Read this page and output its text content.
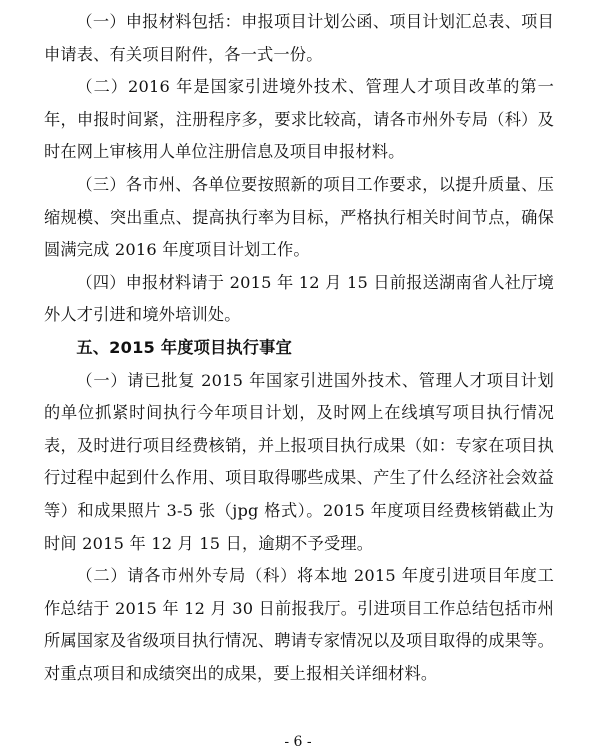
（一）申报材料包括：申报项目计划公函、项目计划汇总表、项目申请表、有关项目附件，各一式一份。

（二）2016 年是国家引进境外技术、管理人才项目改革的第一年，申报时间紧，注册程序多，要求比较高，请各市州外专局（科）及时在网上审核用人单位注册信息及项目申报材料。

（三）各市州、各单位要按照新的项目工作要求，以提升质量、压缩规模、突出重点、提高执行率为目标，严格执行相关时间节点，确保圆满完成 2016 年度项目计划工作。

（四）申报材料请于 2015 年 12 月 15 日前报送湖南省人社厅境外人才引进和境外培训处。

五、2015 年度项目执行事宜

（一）请已批复 2015 年国家引进国外技术、管理人才项目计划的单位抓紧时间执行今年项目计划，及时网上在线填写项目执行情况表，及时进行项目经费核销，并上报项目执行成果（如：专家在项目执行过程中起到什么作用、项目取得哪些成果、产生了什么经济社会效益等）和成果照片 3-5 张（jpg 格式）。2015 年度项目经费核销截止为时间 2015 年 12 月 15 日，逾期不予受理。

（二）请各市州外专局（科）将本地 2015 年度引进项目年度工作总结于 2015 年 12 月 30 日前报我厅。引进项目工作总结包括市州所属国家及省级项目执行情况、聘请专家情况以及项目取得的成果等。对重点项目和成绩突出的成果，要上报相关详细材料。

- 6 -
